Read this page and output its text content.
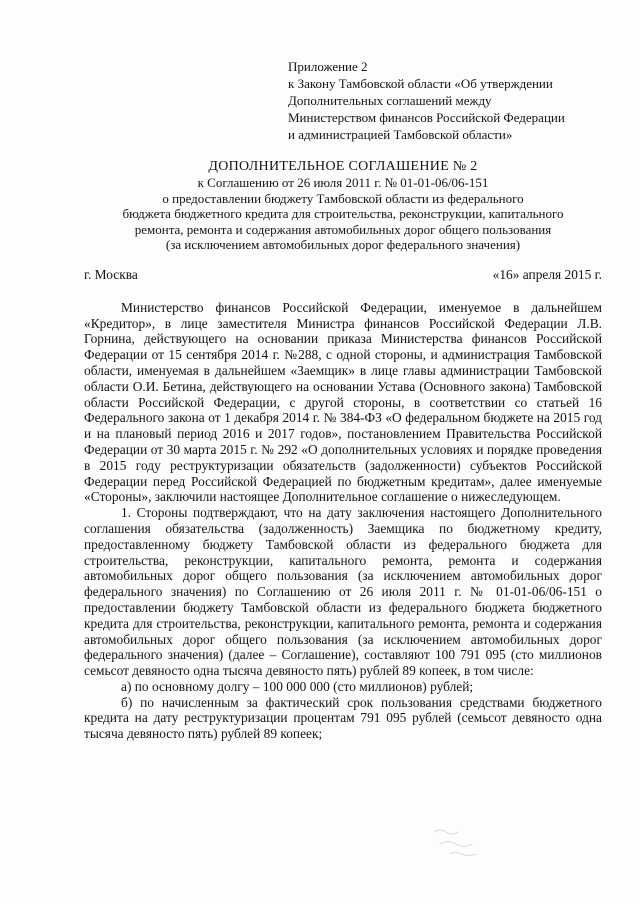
Приложение 2
к Закону Тамбовской области «Об утверждении
Дополнительных соглашений между
Министерством финансов Российской Федерации
и администрацией Тамбовской области»
ДОПОЛНИТЕЛЬНОЕ СОГЛАШЕНИЕ № 2
к Соглашению от 26 июля 2011 г. № 01-01-06/06-151
о предоставлении бюджету Тамбовской области из федерального
бюджета бюджетного кредита для строительства, реконструкции, капитального
ремонта, ремонта и содержания автомобильных дорог общего пользования
(за исключением автомобильных дорог федерального значения)
г. Москва	«16» апреля 2015 г.

Министерство финансов Российской Федерации, именуемое в дальнейшем «Кредитор», в лице заместителя Министра финансов Российской Федерации Л.В. Горнина, действующего на основании приказа Министерства финансов Российской Федерации от 15 сентября 2014 г. №288, с одной стороны, и администрация Тамбовской области, именуемая в дальнейшем «Заемщик» в лице главы администрации Тамбовской области О.И. Бетина, действующего на основании Устава (Основного закона) Тамбовской области Российской Федерации, с другой стороны, в соответствии со статьей 16 Федерального закона от 1 декабря 2014 г. № 384-ФЗ «О федеральном бюджете на 2015 год и на плановый период 2016 и 2017 годов», постановлением Правительства Российской Федерации от 30 марта 2015 г. № 292 «О дополнительных условиях и порядке проведения в 2015 году реструктуризации обязательств (задолженности) субъектов Российской Федерации перед Российской Федерацией по бюджетным кредитам», далее именуемые «Стороны», заключили настоящее Дополнительное соглашение о нижеследующем.

1. Стороны подтверждают, что на дату заключения настоящего Дополнительного соглашения обязательства (задолженность) Заемщика по бюджетному кредиту, предоставленному бюджету Тамбовской области из федерального бюджета для строительства, реконструкции, капитального ремонта, ремонта и содержания автомобильных дорог общего пользования (за исключением автомобильных дорог федерального значения) по Соглашению от 26 июля 2011 г. № 01-01-06/06-151 о предоставлении бюджету Тамбовской области из федерального бюджета бюджетного кредита для строительства, реконструкции, капитального ремонта, ремонта и содержания автомобильных дорог общего пользования (за исключением автомобильных дорог федерального значения) (далее – Соглашение), составляют 100 791 095 (сто миллионов семьсот девяносто одна тысяча девяносто пять) рублей 89 копеек, в том числе:

а) по основному долгу – 100 000 000 (сто миллионов) рублей;

б) по начисленным за фактический срок пользования средствами бюджетного кредита на дату реструктуризации процентам 791 095 рублей (семьсот девяносто одна тысяча девяносто пять) рублей 89 копеек;
